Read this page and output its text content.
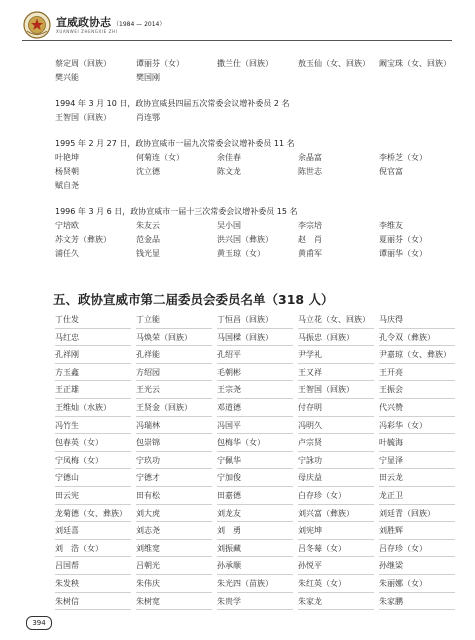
宣威政协志 （1984 — 2014）
XUANWEI ZHENGXIE ZHI
蔡定周（回族）	谭丽芬（女）	撒兰仕（回族）	敖玉仙（女、回族）	阚宝珠（女、回族）
樊兴能	樊国刚
1994 年 3 月 10 日，政协宣威县四届五次常委会议增补委员 2 名
王智国（回族）	肖连鄂
1995 年 2 月 27 日，政协宣威市一届九次常委会议增补委员 11 名
叶艳坤	何菊连（女）	余佳春	余晶富	李桥芝（女）
杨贤朝	沈立德	陈文龙	陈世志	倪官富
赋自尧
1996 年 3 月 6 日，政协宣威市一届十三次常委会议增补委员 15 名
宁培欧	朱友云	吴小国	李宗培	李维友
苏文芳（彝族）	范金品	洪兴国（彝族）	赵　肖	夏丽芬（女）
浦任久	钱光显	黄玉琼（女）	黄甫军	谭丽华（女）
五、政协宣威市第二届委员会委员名单（318 人）
丁仕发	丁立能	丁恒昌（回族）	马立花（女、回族）	马庆得
马红忠	马焕荣（回族）	马国樑（回族）	马振忠（回族）	孔令双（彝族）
孔祥刚	孔祥能	孔绍平	尹学礼	尹嘉琼（女、彝族）
方玉鑫	方绍园	毛朝彬	王又祥	王开亮
王正雄	王光云	王宗尧	王智国（回族）	王振会
王维灿（水族）	王贤金（回族）	邓道德	付存明	代兴赞
冯竹生	冯瑞林	冯国平	冯明久	冯彩华（女）
包春英（女）	包崇锦	包梅华（女）	卢宗贤	叶毓海
宁凤梅（女）	宁玖功	宁佩华	宁詠功	宁显泽
宁德山	宁德才	宁加俊	母庆益	田云龙
田云宪	田有松	田嘉德	白存珍（女）	龙正卫
龙菊德（女、彝族）	刘大虎	刘龙友	刘兴富（彝族）	刘廷青（回族）
刘廷喜	刘志尧	刘　勇	刘宪坤	刘胜辉
刘　浩（女）	刘维宽	刘振藏	吕冬莓（女）	吕存珍（女）
吕国帮	吕朝光	孙承顺	孙悦平	孙继梁
朱发秧	朱伟庆	朱光四（苗族）	朱红英（女）	朱丽娜（女）
朱树信	朱树宽	朱贵学	朱家龙	朱家鹏
394
